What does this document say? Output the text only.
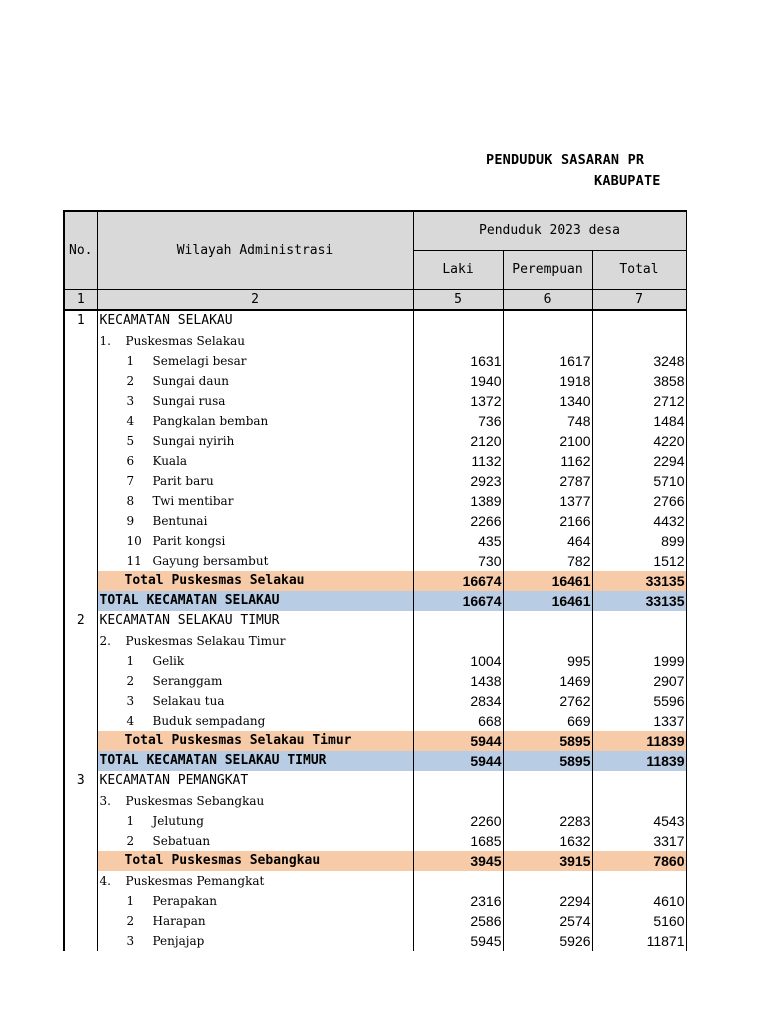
PENDUDUK SASARAN PR
KABUPATE
No.	Wilayah Administrasi	Penduduk 2023 desa		
		Laki	Perempuan	Total
1	2	5	6	7
1	KECAMATAN SELAKAU			
	1. Puskesmas Selakau			
	1 Semelagi besar	1631	1617	3248
	2 Sungai daun	1940	1918	3858
	3 Sungai rusa	1372	1340	2712
	4 Pangkalan bemban	736	748	1484
	5 Sungai nyirih	2120	2100	4220
	6 Kuala	1132	1162	2294
	7 Parit baru	2923	2787	5710
	8 Twi mentibar	1389	1377	2766
	9 Bentunai	2266	2166	4432
	10 Parit kongsi	435	464	899
	11 Gayung bersambut	730	782	1512
	Total Puskesmas Selakau	16674	16461	33135
	TOTAL KECAMATAN SELAKAU	16674	16461	33135
2	KECAMATAN SELAKAU TIMUR			
	2. Puskesmas Selakau Timur			
	1 Gelik	1004	995	1999
	2 Seranggam	1438	1469	2907
	3 Selakau tua	2834	2762	5596
	4 Buduk sempadang	668	669	1337
	Total Puskesmas Selakau Timur	5944	5895	11839
	TOTAL KECAMATAN SELAKAU TIMUR	5944	5895	11839
3	KECAMATAN PEMANGKAT			
	3. Puskesmas Sebangkau			
	1 Jelutung	2260	2283	4543
	2 Sebatuan	1685	1632	3317
	Total Puskesmas Sebangkau	3945	3915	7860
	4. Puskesmas Pemangkat			
	1 Perapakan	2316	2294	4610
	2 Harapan	2586	2574	5160
	3 Penjajap	5945	5926	11871
